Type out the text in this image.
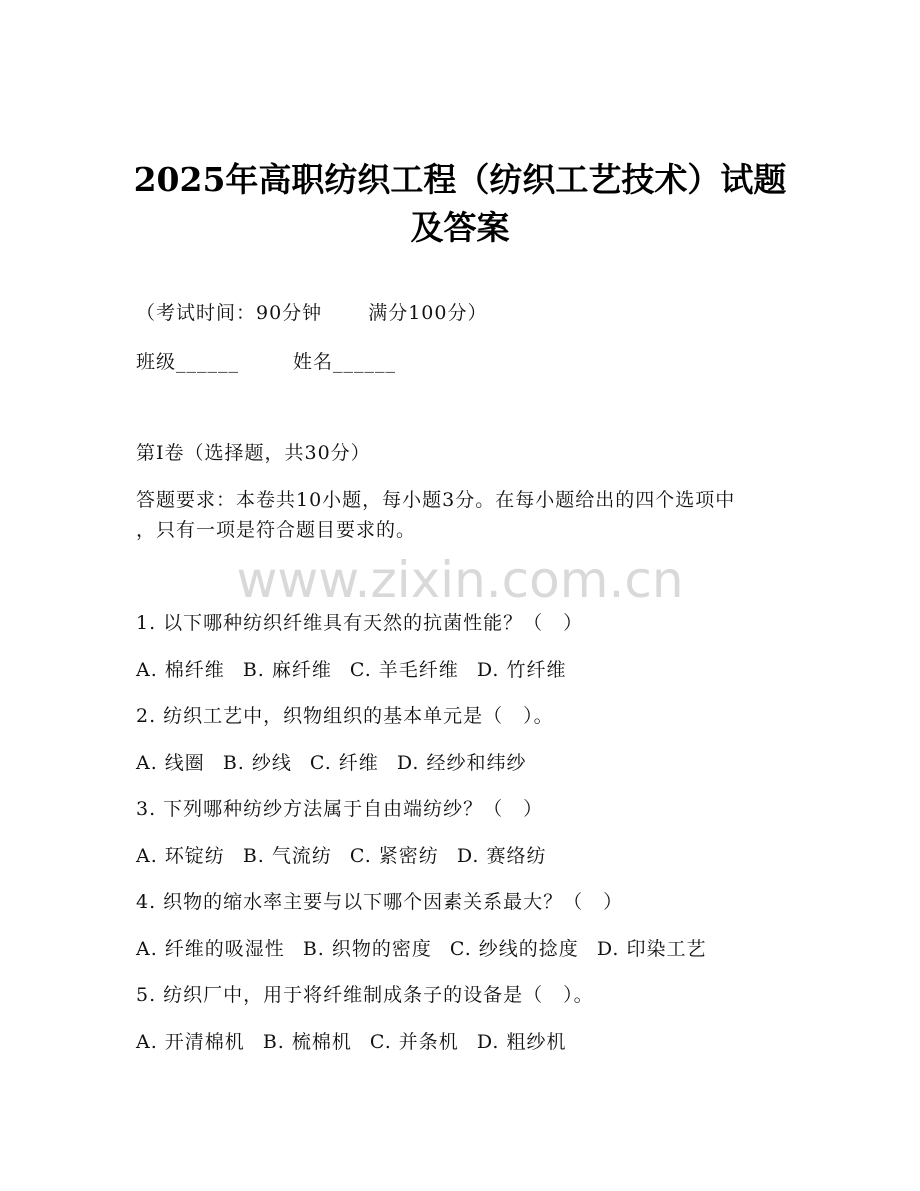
2025年高职纺织工程（纺织工艺技术）试题
及答案
（考试时间：90分钟 满分100分）
班级______	姓名______
第I卷（选择题，共30分）
答题要求：本卷共10小题，每小题3分。在每小题给出的四个选项中
，只有一项是符合题目要求的。
www.zixin.com.cn
1. 以下哪种纺织纤维具有天然的抗菌性能？（　）
A. 棉纤维 B. 麻纤维 C. 羊毛纤维 D. 竹纤维
2. 纺织工艺中，织物组织的基本单元是（　）。
A. 线圈 B. 纱线 C. 纤维 D. 经纱和纬纱
3. 下列哪种纺纱方法属于自由端纺纱？（　）
A. 环锭纺 B. 气流纺 C. 紧密纺 D. 赛络纺
4. 织物的缩水率主要与以下哪个因素关系最大？（　）
A. 纤维的吸湿性 B. 织物的密度 C. 纱线的捻度 D. 印染工艺
5. 纺织厂中，用于将纤维制成条子的设备是（　）。
A. 开清棉机 B. 梳棉机 C. 并条机 D. 粗纱机
